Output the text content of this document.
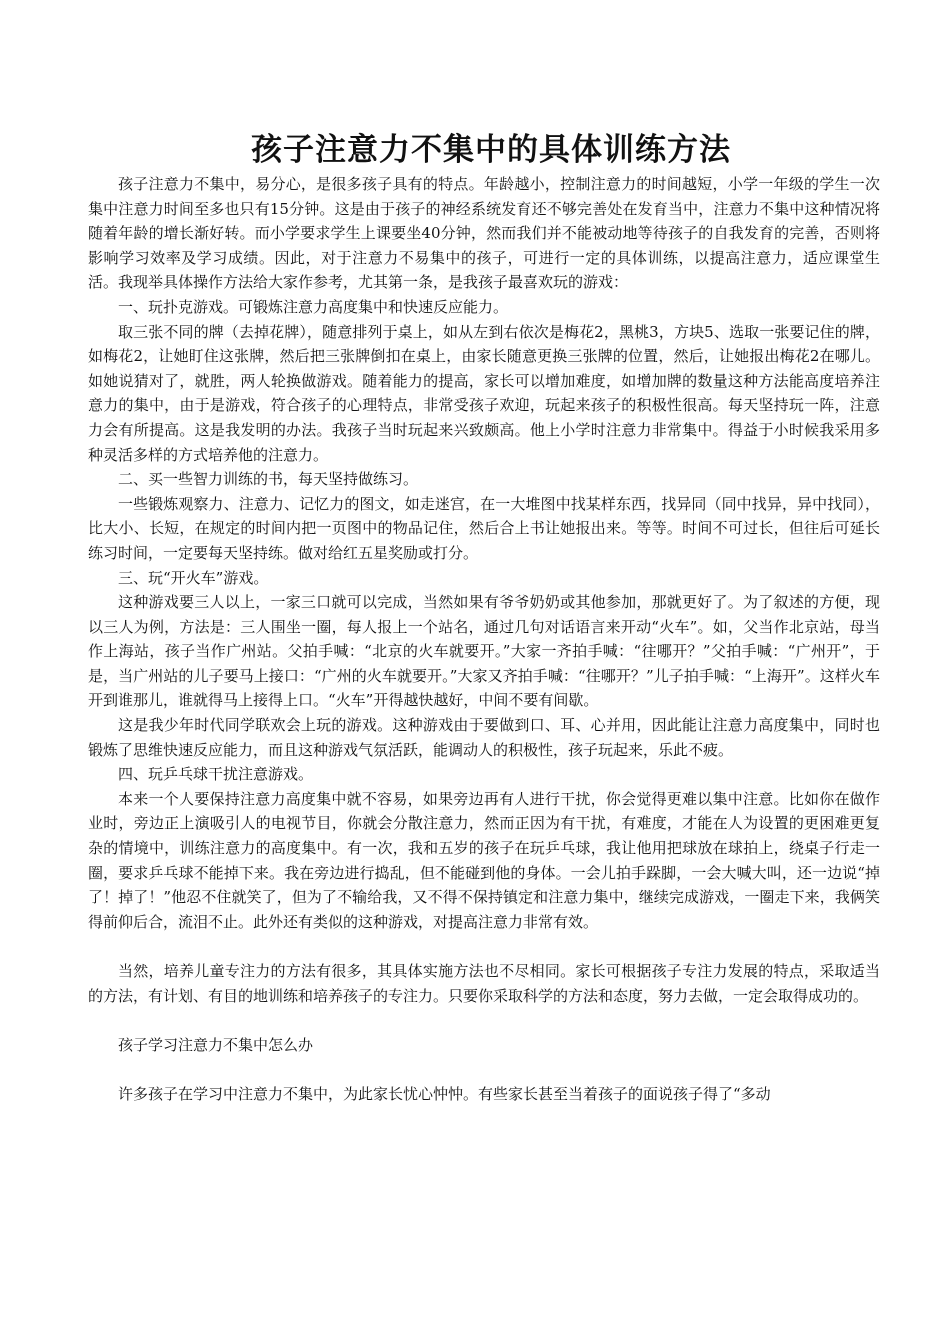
孩子注意力不集中的具体训练方法

孩子注意力不集中，易分心，是很多孩子具有的特点。年龄越小，控制注意力的时间越短，小学一年级的学生一次集中注意力时间至多也只有15分钟。这是由于孩子的神经系统发育还不够完善处在发育当中，注意力不集中这种情况将随着年龄的增长渐好转。而小学要求学生上课要坐40分钟，然而我们并不能被动地等待孩子的自我发育的完善，否则将影响学习效率及学习成绩。因此，对于注意力不易集中的孩子，可进行一定的具体训练，以提高注意力，适应课堂生活。我现举具体操作方法给大家作参考，尤其第一条，是我孩子最喜欢玩的游戏：

一、玩扑克游戏。可锻炼注意力高度集中和快速反应能力。

取三张不同的牌（去掉花牌），随意排列于桌上，如从左到右依次是梅花2，黑桃3，方块5、选取一张要记住的牌，如梅花2，让她盯住这张牌，然后把三张牌倒扣在桌上，由家长随意更换三张牌的位置，然后，让她报出梅花2在哪儿。如她说猜对了，就胜，两人轮换做游戏。随着能力的提高，家长可以增加难度，如增加牌的数量这种方法能高度培养注意力的集中，由于是游戏，符合孩子的心理特点，非常受孩子欢迎，玩起来孩子的积极性很高。每天坚持玩一阵，注意力会有所提高。这是我发明的办法。我孩子当时玩起来兴致颇高。他上小学时注意力非常集中。得益于小时候我采用多种灵活多样的方式培养他的注意力。

二、买一些智力训练的书，每天坚持做练习。

一些锻炼观察力、注意力、记忆力的图文，如走迷宫，在一大堆图中找某样东西，找异同（同中找异，异中找同），比大小、长短，在规定的时间内把一页图中的物品记住，然后合上书让她报出来。等等。时间不可过长，但往后可延长练习时间，一定要每天坚持练。做对给红五星奖励或打分。

三、玩“开火车”游戏。

这种游戏要三人以上，一家三口就可以完成，当然如果有爷爷奶奶或其他参加，那就更好了。为了叙述的方便，现以三人为例，方法是：三人围坐一圈，每人报上一个站名，通过几句对话语言来开动“火车”。如，父当作北京站，母当作上海站，孩子当作广州站。父拍手喊：“北京的火车就要开。”大家一齐拍手喊：“往哪开？”父拍手喊：“广州开”，于是，当广州站的儿子要马上接口：“广州的火车就要开。”大家又齐拍手喊：“往哪开？”儿子拍手喊：“上海开”。这样火车开到谁那儿，谁就得马上接得上口。“火车”开得越快越好，中间不要有间歇。

这是我少年时代同学联欢会上玩的游戏。这种游戏由于要做到口、耳、心并用，因此能让注意力高度集中，同时也锻炼了思维快速反应能力，而且这种游戏气氛活跃，能调动人的积极性，孩子玩起来，乐此不疲。

四、玩乒乓球干扰注意游戏。

本来一个人要保持注意力高度集中就不容易，如果旁边再有人进行干扰，你会觉得更难以集中注意。比如你在做作业时，旁边正上演吸引人的电视节目，你就会分散注意力，然而正因为有干扰，有难度，才能在人为设置的更困难更复杂的情境中，训练注意力的高度集中。有一次，我和五岁的孩子在玩乒乓球，我让他用把球放在球拍上，绕桌子行走一圈，要求乒乓球不能掉下来。我在旁边进行捣乱，但不能碰到他的身体。一会儿拍手跺脚，一会大喊大叫，还一边说“掉了！掉了！”他忍不住就笑了，但为了不输给我，又不得不保持镇定和注意力集中，继续完成游戏，一圈走下来，我俩笑得前仰后合，流泪不止。此外还有类似的这种游戏，对提高注意力非常有效。

当然，培养儿童专注力的方法有很多，其具体实施方法也不尽相同。家长可根据孩子专注力发展的特点，采取适当的方法，有计划、有目的地训练和培养孩子的专注力。只要你采取科学的方法和态度，努力去做，一定会取得成功的。

孩子学习注意力不集中怎么办

许多孩子在学习中注意力不集中，为此家长忧心忡忡。有些家长甚至当着孩子的面说孩子得了“多动
